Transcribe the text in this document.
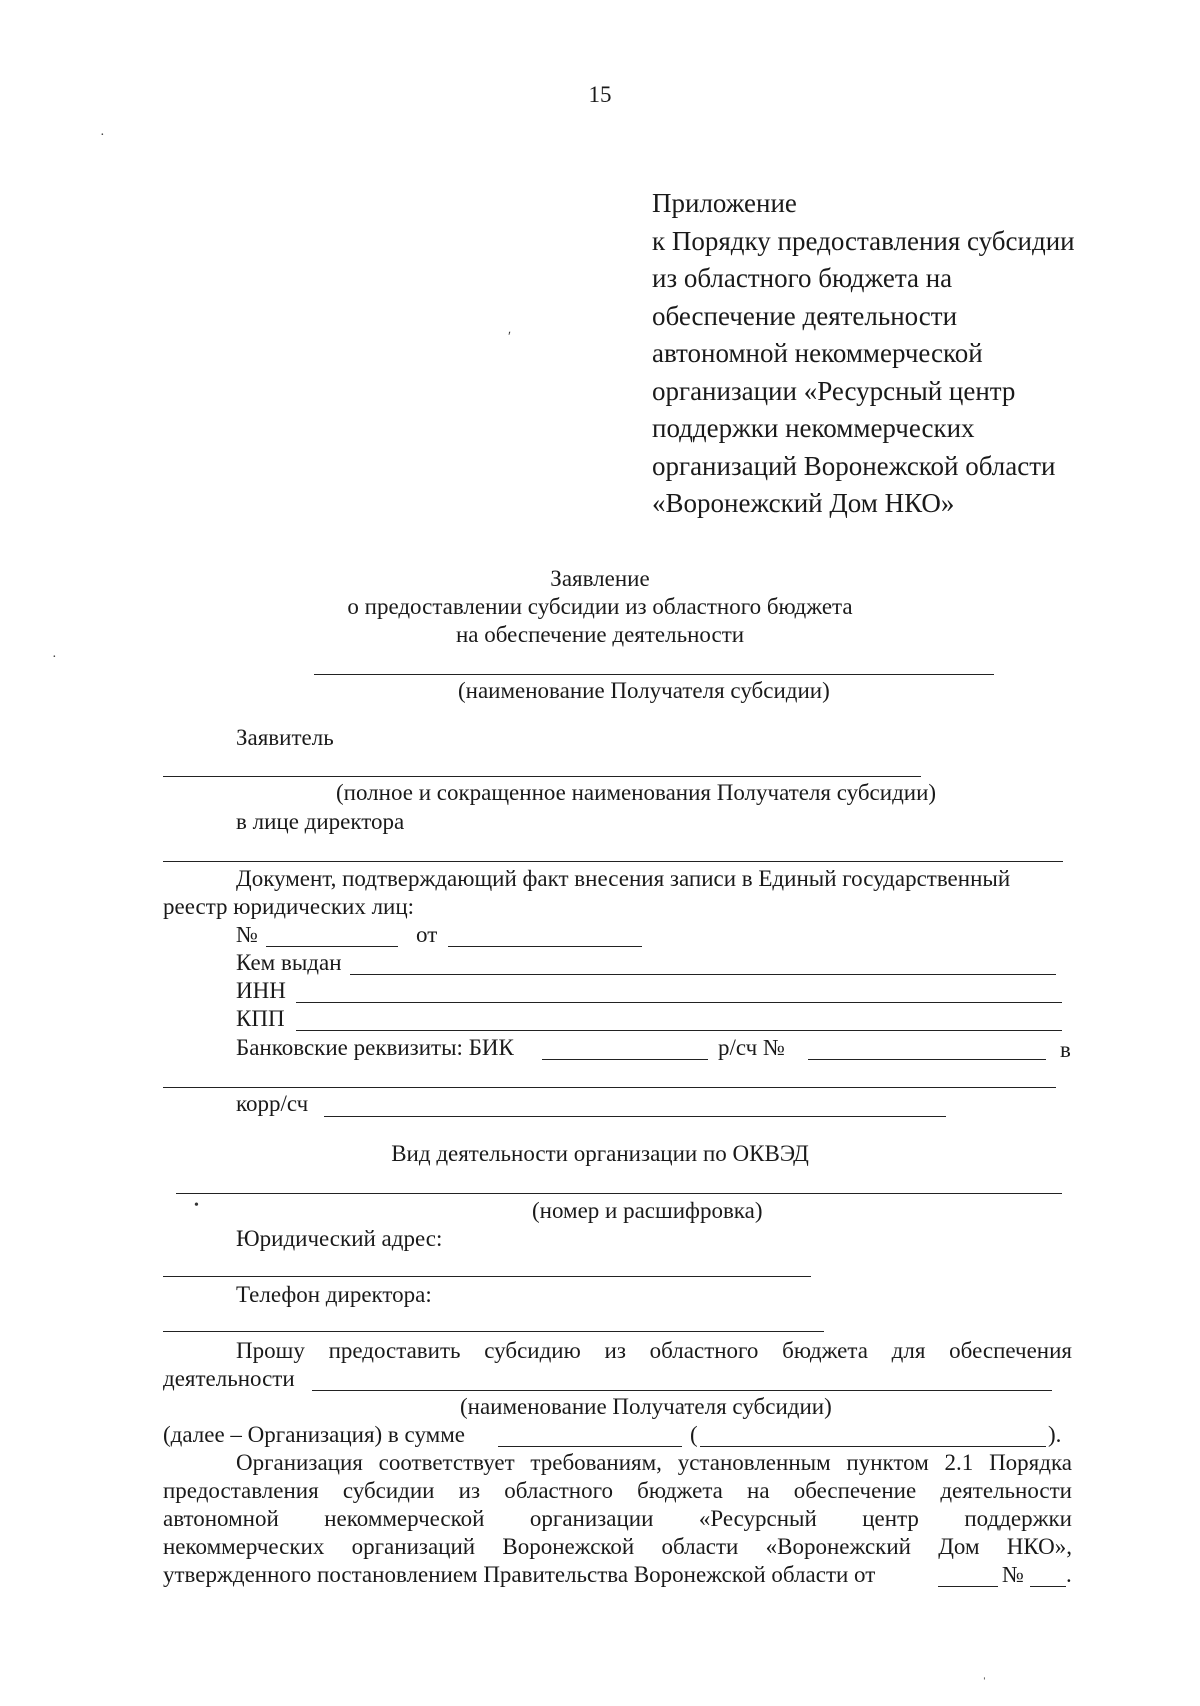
15
Приложение
к Порядку предоставления субсидии
из областного бюджета на
обеспечение деятельности
автономной некоммерческой
организации «Ресурсный центр
поддержки некоммерческих
организаций Воронежской области
«Воронежский Дом НКО»
Заявление
о предоставлении субсидии из областного бюджета
на обеспечение деятельности
(наименование Получателя субсидии)
Заявитель
(полное и сокращенное наименования Получателя субсидии)
в лице директора
Документ, подтверждающий факт внесения записи в Единый государственный
реестр юридических лиц:
№	от
Кем выдан
ИНН
КПП
Банковские реквизиты: БИК	р/сч №	в
корр/сч
Вид деятельности организации по ОКВЭД
(номер и расшифровка)
Юридический адрес:
Телефон директора:
Прошу предоставить субсидию из областного бюджета для обеспечения
деятельности
(наименование Получателя субсидии)
(далее – Организация) в сумме	(	).
Организация соответствует требованиям, установленным пунктом 2.1 Порядка
предоставления субсидии из областного бюджета на обеспечение деятельности
автономной некоммерческой организации «Ресурсный центр поддержки
некоммерческих организаций Воронежской области «Воронежский Дом НКО»,
утвержденного постановлением Правительства Воронежской области от	№ .
·
ʹ
·
•
ˈ
